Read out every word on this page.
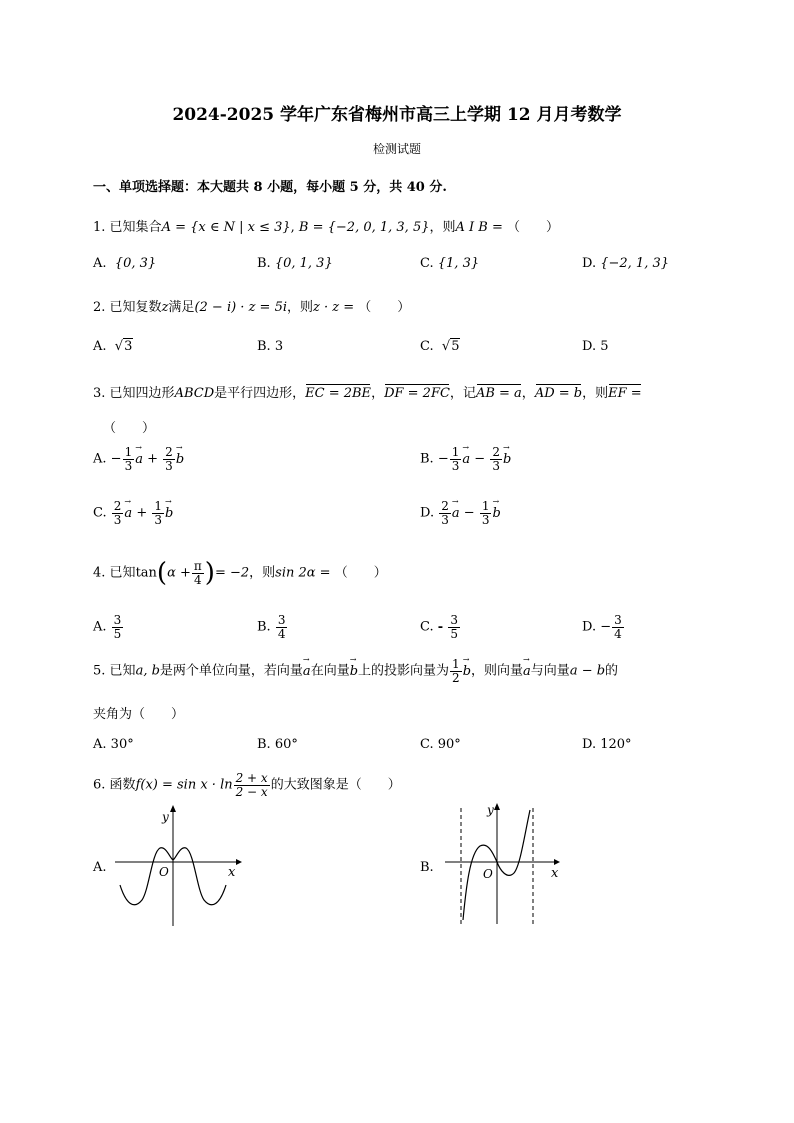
2024-2025 学年广东省梅州市高三上学期 12 月月考数学
检测试题
一、单项选择题：本大题共 8 小题，每小题 5 分，共 40 分.
1. 已知集合A = {x ∈ N | x ≤ 3}, B = {−2, 0, 1, 3, 5}，则A I B = （　　）
A. {0, 3}	B. {0, 1, 3}	C. {1, 3}	D. {−2, 1, 3}
2. 已知复数z满足(2 − i) · z = 5i，则z · z = （　　）
A.  √3	B. 3	C.  √5	D. 5
3. 已知四边形ABCD是平行四边形，EC = 2BE，DF = 2FC，记AB = a，AD = b，则EF =
（　　）
A. − $\frac{1}{3}$
→ $a + \frac{2}{3}$
→ b	B. − $\frac{1}{3}$
→ $a - \frac{2}{3}$
→ b
C. $\frac{2}{3}$
→ $a + \frac{1}{3}$
→ b	D. $\frac{2}{3}$
→ $a - \frac{1}{3}$
→ b
4. 已知$\tan(\alpha + \frac{\pi}{4}$ )= −2，则sin 2α = （　　）
A. $\frac{3}{5}$	B. $\frac{3}{4}$	C. - $\frac{3}{5}$	D. − $\frac{3}{4}$
5. 已知a, b是两个单位向量，若向量→ a在向量→ b上的投影向量为 $\frac{1}{2}$
→ b，则向量→ a与向量a − b的
夹角为（　　）
A. 30°	B. 60°	C. 90°	D. 120°
6. 函数$f(x) = \sin x \cdot \ln \frac{2 + x}{2 - x}$ 的大致图象是（　　）
A.
y
x
O	B.
y
x
O
